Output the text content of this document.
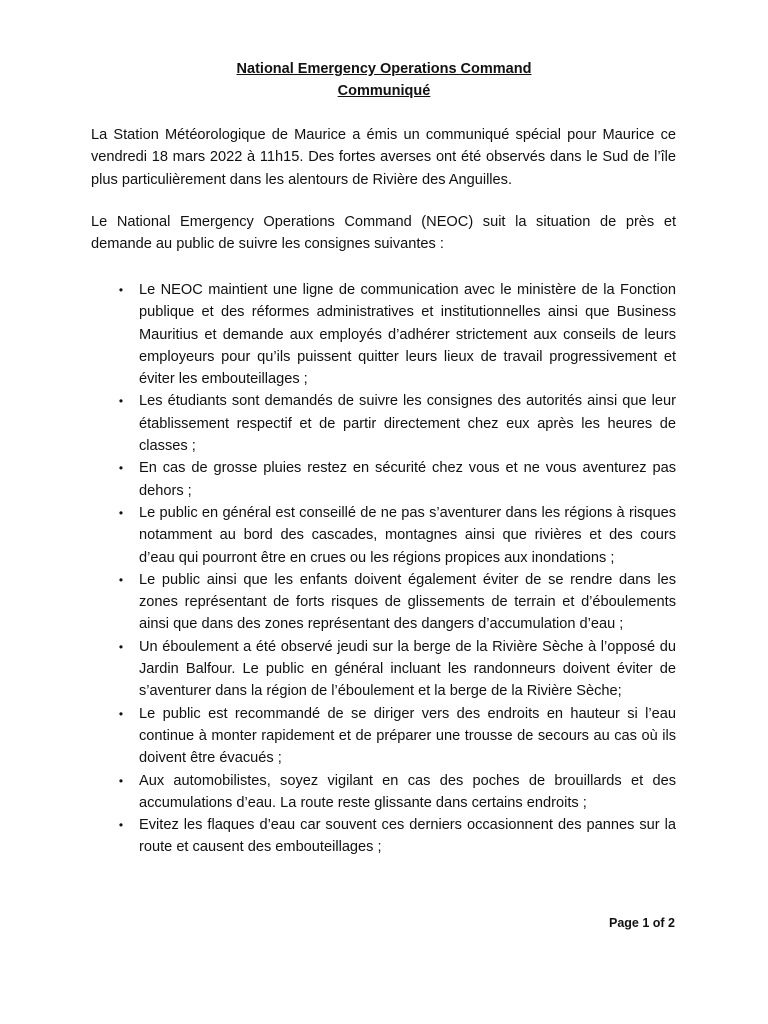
National Emergency Operations Command
Communiqué

La Station Météorologique de Maurice a émis un communiqué spécial pour Maurice ce vendredi 18 mars 2022 à 11h15. Des fortes averses ont été observés dans le Sud de l’île plus particulièrement dans les alentours de Rivière des Anguilles.

Le National Emergency Operations Command (NEOC) suit la situation de près et demande au public de suivre les consignes suivantes :

• Le NEOC maintient une ligne de communication avec le ministère de la Fonction publique et des réformes administratives et institutionnelles ainsi que Business Mauritius et demande aux employés d’adhérer strictement aux conseils de leurs employeurs pour qu’ils puissent quitter leurs lieux de travail progressivement et éviter les embouteillages ;
• Les étudiants sont demandés de suivre les consignes des autorités ainsi que leur établissement respectif et de partir directement chez eux après les heures de classes ;
• En cas de grosse pluies restez en sécurité chez vous et ne vous aventurez pas dehors ;
• Le public en général est conseillé de ne pas s’aventurer dans les régions à risques notamment au bord des cascades, montagnes ainsi que rivières et des cours d’eau qui pourront être en crues ou les régions propices aux inondations ;
• Le public ainsi que les enfants doivent également éviter de se rendre dans les zones représentant de forts risques de glissements de terrain et d’éboulements ainsi que dans des zones représentant des dangers d’accumulation d’eau ;
• Un éboulement a été observé jeudi sur la berge de la Rivière Sèche à l’opposé du Jardin Balfour. Le public en général incluant les randonneurs doivent éviter de s’aventurer dans la région de l’éboulement et la berge de la Rivière Sèche;
• Le public est recommandé de se diriger vers des endroits en hauteur si l’eau continue à monter rapidement et de préparer une trousse de secours au cas où ils doivent être évacués ;
• Aux automobilistes, soyez vigilant en cas des poches de brouillards et des accumulations d’eau. La route reste glissante dans certains endroits ;
• Evitez les flaques d’eau car souvent ces derniers occasionnent des pannes sur la route et causent des embouteillages ;
Page 1 of 2
